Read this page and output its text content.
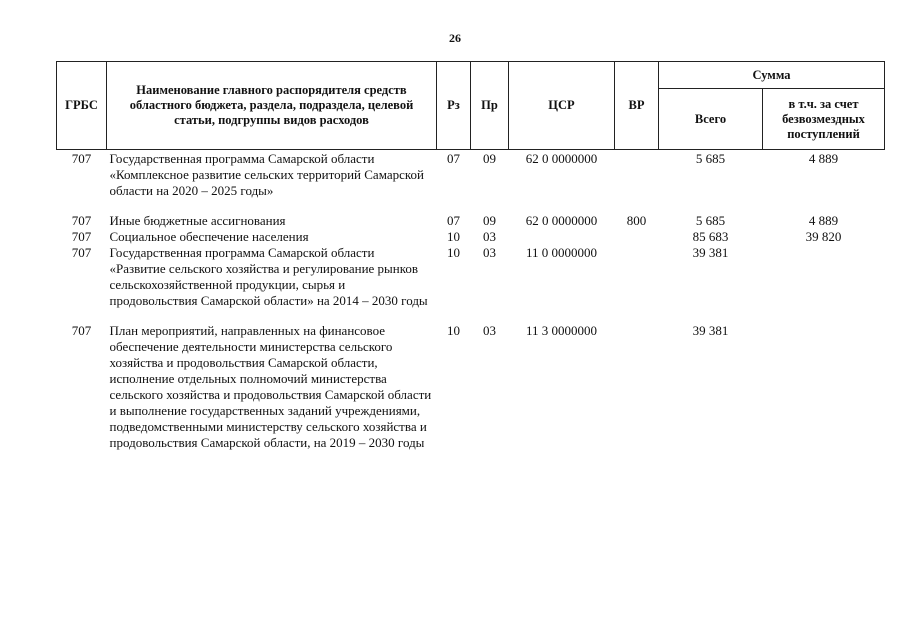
26
ГРБС	Наименование главного распорядителя средств областного бюджета, раздела, подраздела, целевой статьи, подгруппы видов расходов	Рз	Пр	ЦСР	ВР	Сумма	
						Всего	в т.ч. за счет безвозмездных поступлений
707	Государственная программа Самарской области «Комплексное развитие сельских территорий Самарской области на 2020 – 2025 годы»	07	09	62 0 0000000		5 685	4 889

707	Иные бюджетные ассигнования	07	09	62 0 0000000	800	5 685	4 889
707	Социальное обеспечение населения	10	03			85 683	39 820
707	Государственная программа Самарской области «Развитие сельского хозяйства и регулирование рынков сельскохозяйственной продукции, сырья и продовольствия Самарской области» на 2014 – 2030 годы	10	03	11 0 0000000		39 381	

707	План мероприятий, направленных на финансовое обеспечение деятельности министерства сельского хозяйства и продовольствия Самарской области, исполнение отдельных полномочий министерства сельского хозяйства и продовольствия Самарской области и выполнение государственных заданий учреждениями, подведомственными министерству сельского хозяйства и продовольствия Самарской области, на 2019 – 2030 годы	10	03	11 3 0000000		39 381	
